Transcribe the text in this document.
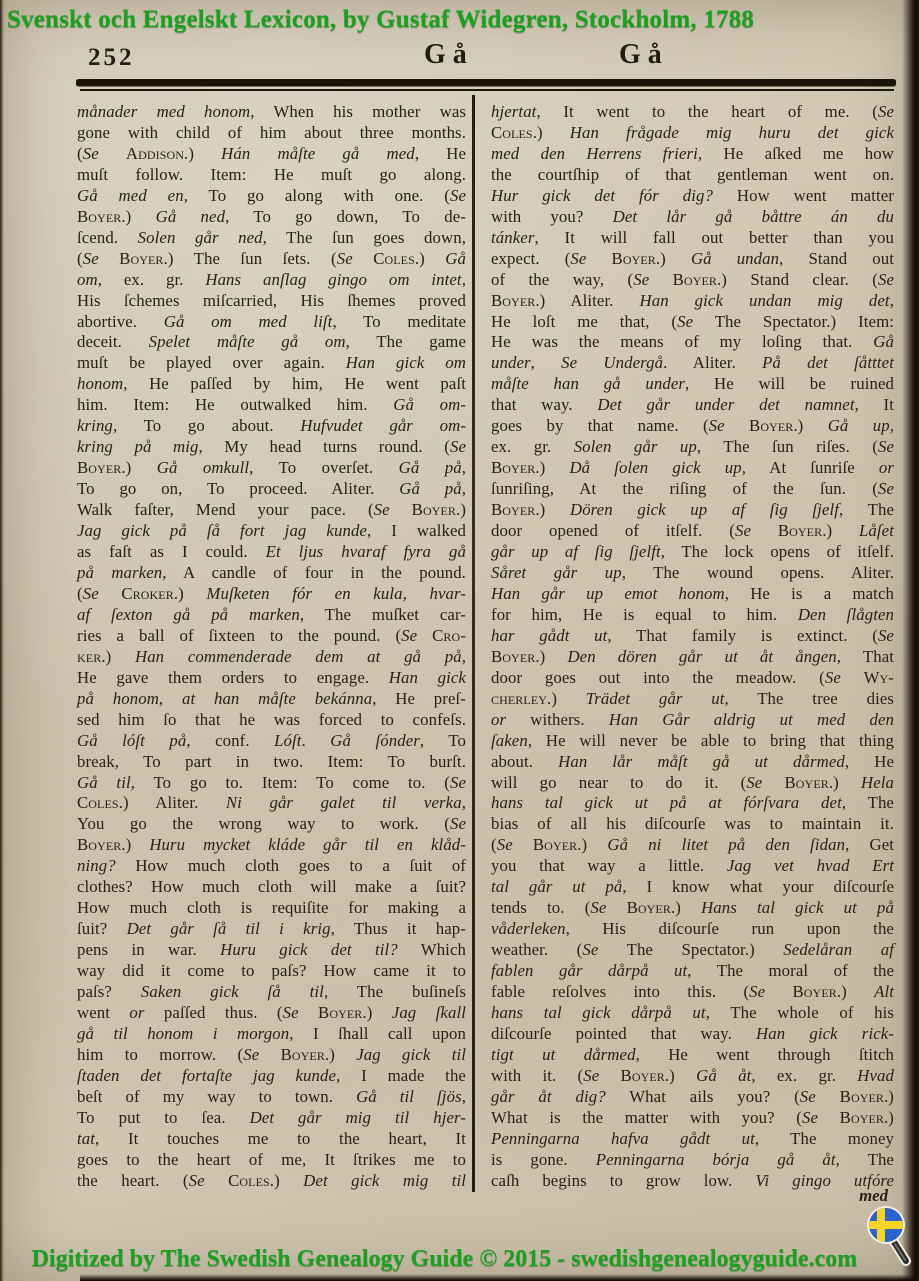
Svenskt och Engelskt Lexicon, by Gustaf Widegren, Stockholm, 1788
252	Gå	Gå
månader med honom, When his mother was
gone with child of him about three months.
(Se Addison.) Hán måſte gå med, He
muſt follow. Item: He muſt go along.
Gå med en, To go along with one. (Se
Boyer.) Gå ned, To go down, To de-
ſcend. Solen går ned, The ſun goes down,
(Se Boyer.) The ſun ſets. (Se Coles.) Gå
om, ex. gr. Hans anſlag gingo om intet,
His ſchemes miſcarried, His ſhemes proved
abortive. Gå om med liſt, To meditate
deceit. Spelet måſte gå om, The game
muſt be played over again. Han gick om
honom, He paſſed by him, He went paſt
him. Item: He outwalked him. Gå om-
kring, To go about. Hufvudet går om-
kring på mig, My head turns round. (Se
Boyer.) Gå omkull, To overſet. Gå på,
To go on, To proceed. Aliter. Gå på,
Walk faſter, Mend your pace. (Se Boyer.)
Jag gick på ſå fort jag kunde, I walked
as faſt as I could. Et ljus hvaraf fyra gå
på marken, A candle of four in the pound.
(Se Croker.) Muſketen fór en kula, hvar-
af ſexton gå på marken, The muſket car-
ries a ball of ſixteen to the pound. (Se Cro-
ker.) Han commenderade dem at gå på,
He gave them orders to engage. Han gick
på honom, at han måſte bekánna, He preſ-
sed him ſo that he was forced to confeſs.
Gå lóſt på, conf. Lóſt. Gå ſónder, To
break, To part in two. Item: To burſt.
Gå til, To go to. Item: To come to. (Se
Coles.) Aliter. Ni går galet til verka,
You go the wrong way to work. (Se
Boyer.) Huru mycket kláde går til en klåd-
ning? How much cloth goes to a ſuit of
clothes? How much cloth will make a ſuit?
How much cloth is requiſite for making a
ſuit? Det går ſå til i krig, Thus it hap-
pens in war. Huru gick det til? Which
way did it come to paſs? How came it to
paſs? Saken gick ſå til, The buſineſs
went or paſſed thus. (Se Boyer.) Jag ſkall
gå til honom i morgon, I ſhall call upon
him to morrow. (Se Boyer.) Jag gick til
ſtaden det fortaſte jag kunde, I made the
beſt of my way to town. Gå til ſjös,
To put to ſea. Det går mig til hjer-
tat, It touches me to the heart, It
goes to the heart of me, It ſtrikes me to
the heart. (Se Coles.) Det gick mig til
hjertat, It went to the heart of me. (Se
Coles.) Han frågade mig huru det gick
med den Herrens frieri, He aſked me how
the courtſhip of that gentleman went on.
Hur gick det fór dig? How went matter
with you? Det lår gå båttre án du
tánker, It will fall out better than you
expect. (Se Boyer.) Gå undan, Stand out
of the way, (Se Boyer.) Stand clear. (Se
Boyer.) Aliter. Han gick undan mig det,
He loſt me that, (Se The Spectator.) Item:
He was the means of my loſing that. Gå
under, Se Undergå. Aliter. På det ſåtttet
måſte han gå under, He will be ruined
that way. Det går under det namnet, It
goes by that name. (Se Boyer.) Gå up,
ex. gr. Solen går up, The ſun riſes. (Se
Boyer.) Då ſolen gick up, At ſunriſe or
ſunriſing, At the riſing of the ſun. (Se
Boyer.) Dören gick up af ſig ſjelf, The
door opened of itſelf. (Se Boyer.) Låſet
går up af ſig ſjelft, The lock opens of itſelf.
Såret går up, The wound opens. Aliter.
Han går up emot honom, He is a match
for him, He is equal to him. Den ſlågten
har gådt ut, That family is extinct. (Se
Boyer.) Den dören går ut åt ången, That
door goes out into the meadow. (Se Wy-
cherley.) Trädet går ut, The tree dies
or withers. Han Går aldrig ut med den
ſaken, He will never be able to bring that thing
about. Han lår måſt gå ut dårmed, He
will go near to do it. (Se Boyer.) Hela
hans tal gick ut på at fórſvara det, The
bias of all his diſcourſe was to maintain it.
(Se Boyer.) Gå ni litet på den ſidan, Get
you that way a little. Jag vet hvad Ert
tal går ut på, I know what your diſcourſe
tends to. (Se Boyer.) Hans tal gick ut på
våderleken, His diſcourſe run upon the
weather. (Se The Spectator.) Sedelåran af
fablen går dårpå ut, The moral of the
fable reſolves into this. (Se Boyer.) Alt
hans tal gick dårpå ut, The whole of his
diſcourſe pointed that way. Han gick rick-
tigt ut dårmed, He went through ſtitch
with it. (Se Boyer.) Gå åt, ex. gr. Hvad
går åt dig? What ails you? (Se Boyer.)
What is the matter with you? (Se Boyer.)
Penningarna hafva gådt ut, The money
is gone. Penningarna bórja gå åt, The
caſh begins to grow low. Vi gingo utfóre
med
Digitized by The Swedish Genealogy Guide © 2015 - swedishgenealogyguide.com
